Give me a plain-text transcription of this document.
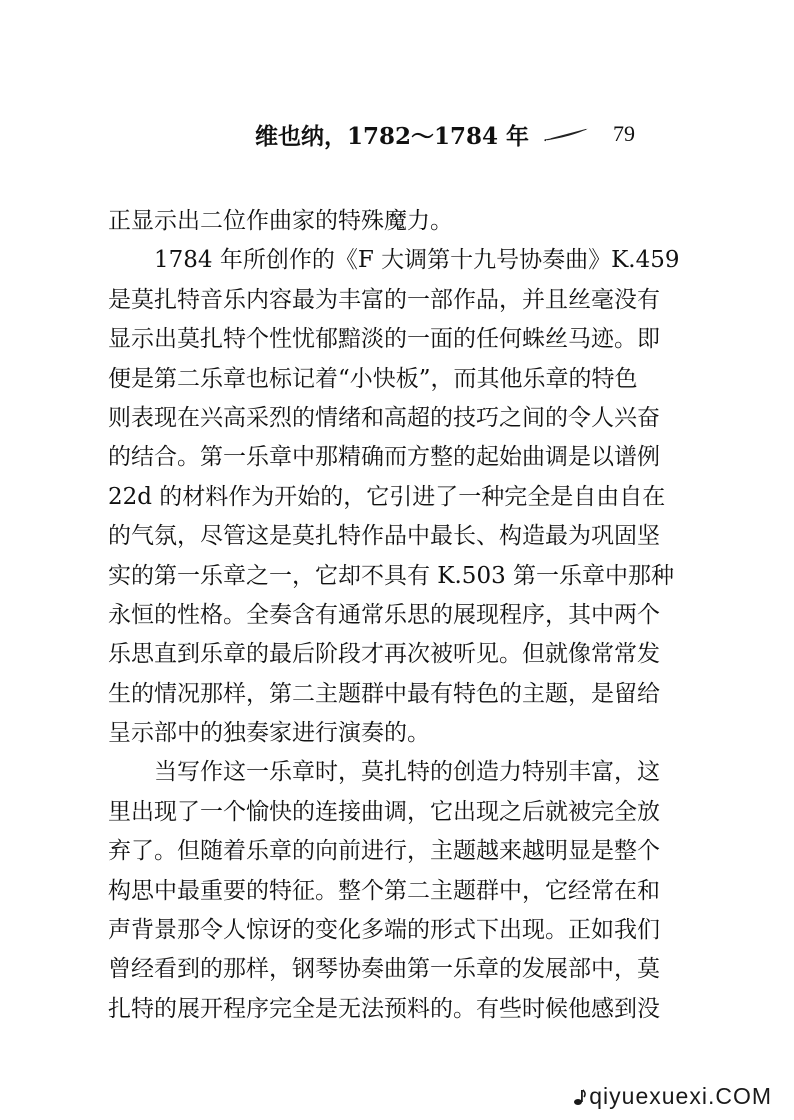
维也纳，1782～1784 年	79
正显示出二位作曲家的特殊魔力。
1784 年所创作的《F 大调第十九号协奏曲》K.459
是莫扎特音乐内容最为丰富的一部作品，并且丝毫没有
显示出莫扎特个性忧郁黯淡的一面的任何蛛丝马迹。即
便是第二乐章也标记着“小快板”，而其他乐章的特色
则表现在兴高采烈的情绪和高超的技巧之间的令人兴奋
的结合。第一乐章中那精确而方整的起始曲调是以谱例
22d 的材料作为开始的，它引进了一种完全是自由自在
的气氛，尽管这是莫扎特作品中最长、构造最为巩固坚
实的第一乐章之一，它却不具有 K.503 第一乐章中那种
永恒的性格。全奏含有通常乐思的展现程序，其中两个
乐思直到乐章的最后阶段才再次被听见。但就像常常发
生的情况那样，第二主题群中最有特色的主题，是留给
呈示部中的独奏家进行演奏的。
当写作这一乐章时，莫扎特的创造力特别丰富，这
里出现了一个愉快的连接曲调，它出现之后就被完全放
弃了。但随着乐章的向前进行，主题越来越明显是整个
构思中最重要的特征。整个第二主题群中，它经常在和
声背景那令人惊讶的变化多端的形式下出现。正如我们
曾经看到的那样，钢琴协奏曲第一乐章的发展部中，莫
扎特的展开程序完全是无法预料的。有些时候他感到没
qiyuexuexi.COM
